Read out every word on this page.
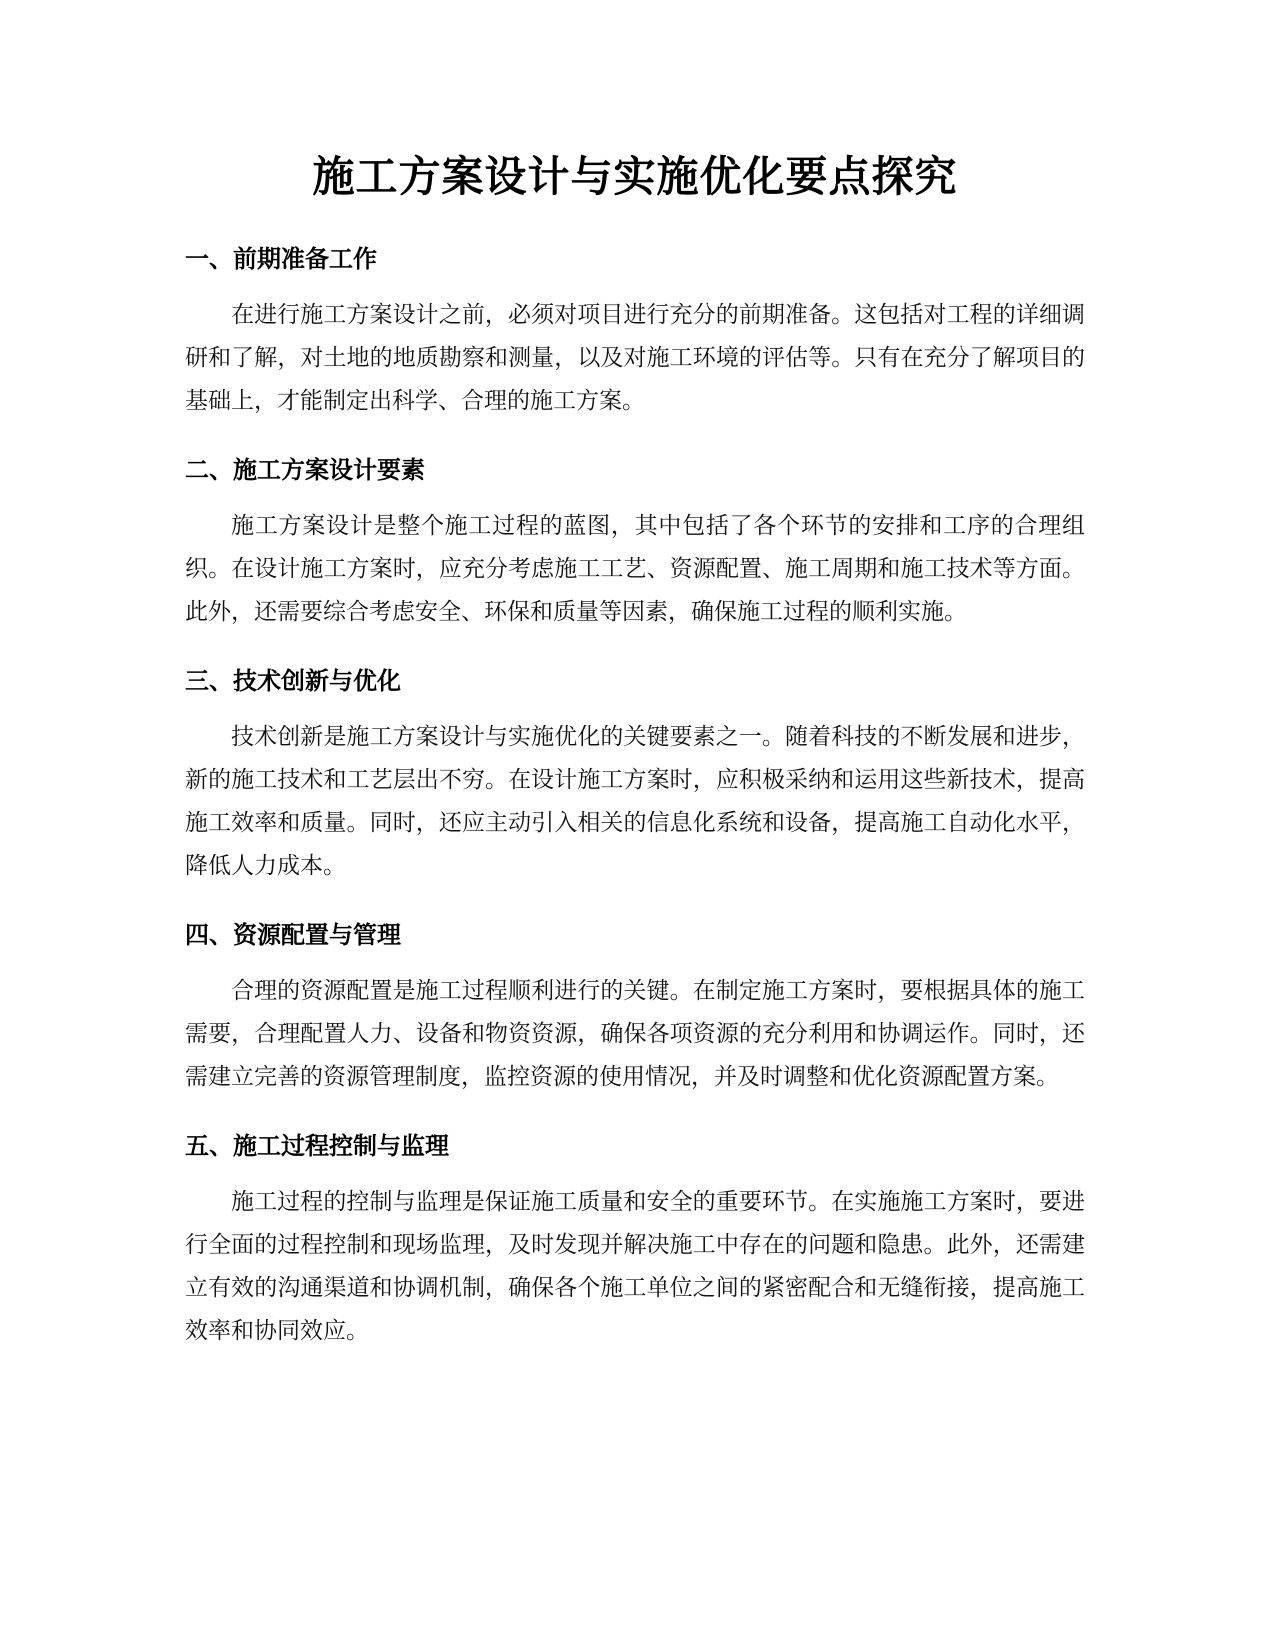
施工方案设计与实施优化要点探究
一、前期准备工作

在进行施工方案设计之前，必须对项目进行充分的前期准备。这包括对工程的详细调研和了解，对土地的地质勘察和测量，以及对施工环境的评估等。只有在充分了解项目的基础上，才能制定出科学、合理的施工方案。

二、施工方案设计要素

施工方案设计是整个施工过程的蓝图，其中包括了各个环节的安排和工序的合理组织。在设计施工方案时，应充分考虑施工工艺、资源配置、施工周期和施工技术等方面。此外，还需要综合考虑安全、环保和质量等因素，确保施工过程的顺利实施。

三、技术创新与优化

技术创新是施工方案设计与实施优化的关键要素之一。随着科技的不断发展和进步，新的施工技术和工艺层出不穷。在设计施工方案时，应积极采纳和运用这些新技术，提高施工效率和质量。同时，还应主动引入相关的信息化系统和设备，提高施工自动化水平，降低人力成本。

四、资源配置与管理

合理的资源配置是施工过程顺利进行的关键。在制定施工方案时，要根据具体的施工需要，合理配置人力、设备和物资资源，确保各项资源的充分利用和协调运作。同时，还需建立完善的资源管理制度，监控资源的使用情况，并及时调整和优化资源配置方案。

五、施工过程控制与监理

施工过程的控制与监理是保证施工质量和安全的重要环节。在实施施工方案时，要进行全面的过程控制和现场监理，及时发现并解决施工中存在的问题和隐患。此外，还需建立有效的沟通渠道和协调机制，确保各个施工单位之间的紧密配合和无缝衔接，提高施工效率和协同效应。
